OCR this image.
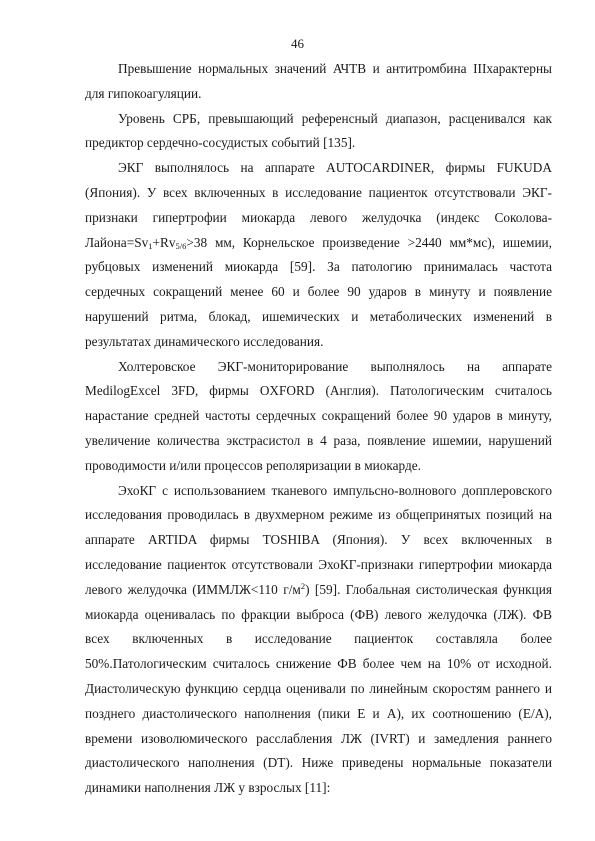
46

Превышение нормальных значений АЧТВ и антитромбина IIIхарактерны для гипокоагуляции.

Уровень СРБ, превышающий референсный диапазон, расценивался как предиктор сердечно-сосудистых событий [135].

ЭКГ выполнялось на аппарате AUTOCARDINER, фирмы FUKUDA (Япония). У всех включенных в исследование пациенток отсутствовали ЭКГ-признаки гипертрофии миокарда левого желудочка (индекс Соколова-$Лайона=Sv_1+Rv_{5/6}>38$ мм, Корнельское произведение >2440 мм*мс), ишемии, рубцовых изменений миокарда [59]. За патологию принималась частота сердечных сокращений менее 60 и более 90 ударов в минуту и появление нарушений ритма, блокад, ишемических и метаболических изменений в результатах динамического исследования.

Холтеровское ЭКГ-мониторирование выполнялось на аппарате MedilogExcel 3FD, фирмы OXFORD (Англия). Патологическим считалось нарастание средней частоты сердечных сокращений более 90 ударов в минуту, увеличение количества экстрасистол в 4 раза, появление ишемии, нарушений проводимости и/или процессов реполяризации в миокарде.

ЭхоКГ с использованием тканевого импульсно-волнового допплеровского исследования проводилась в двухмерном режиме из общепринятых позиций на аппарате ARTIDA фирмы TOSHIBA (Япония). У всех включенных в исследование пациенток отсутствовали ЭхоКГ-признаки гипертрофии миокарда левого желудочка (ИММЛЖ<110 $г/м^2$) [59]. Глобальная систолическая функция миокарда оценивалась по фракции выброса (ФВ) левого желудочка (ЛЖ). ФВ всех включенных в исследование пациенток составляла более 50%.Патологическим считалось снижение ФВ более чем на 10% от исходной. Диастолическую функцию сердца оценивали по линейным скоростям раннего и позднего диастолического наполнения (пики Е и А), их соотношению (Е/А), времени изоволюмического расслабления ЛЖ (IVRT) и замедления раннего диастолического наполнения (DT). Ниже приведены нормальные показатели динамики наполнения ЛЖ у взрослых [11]:
